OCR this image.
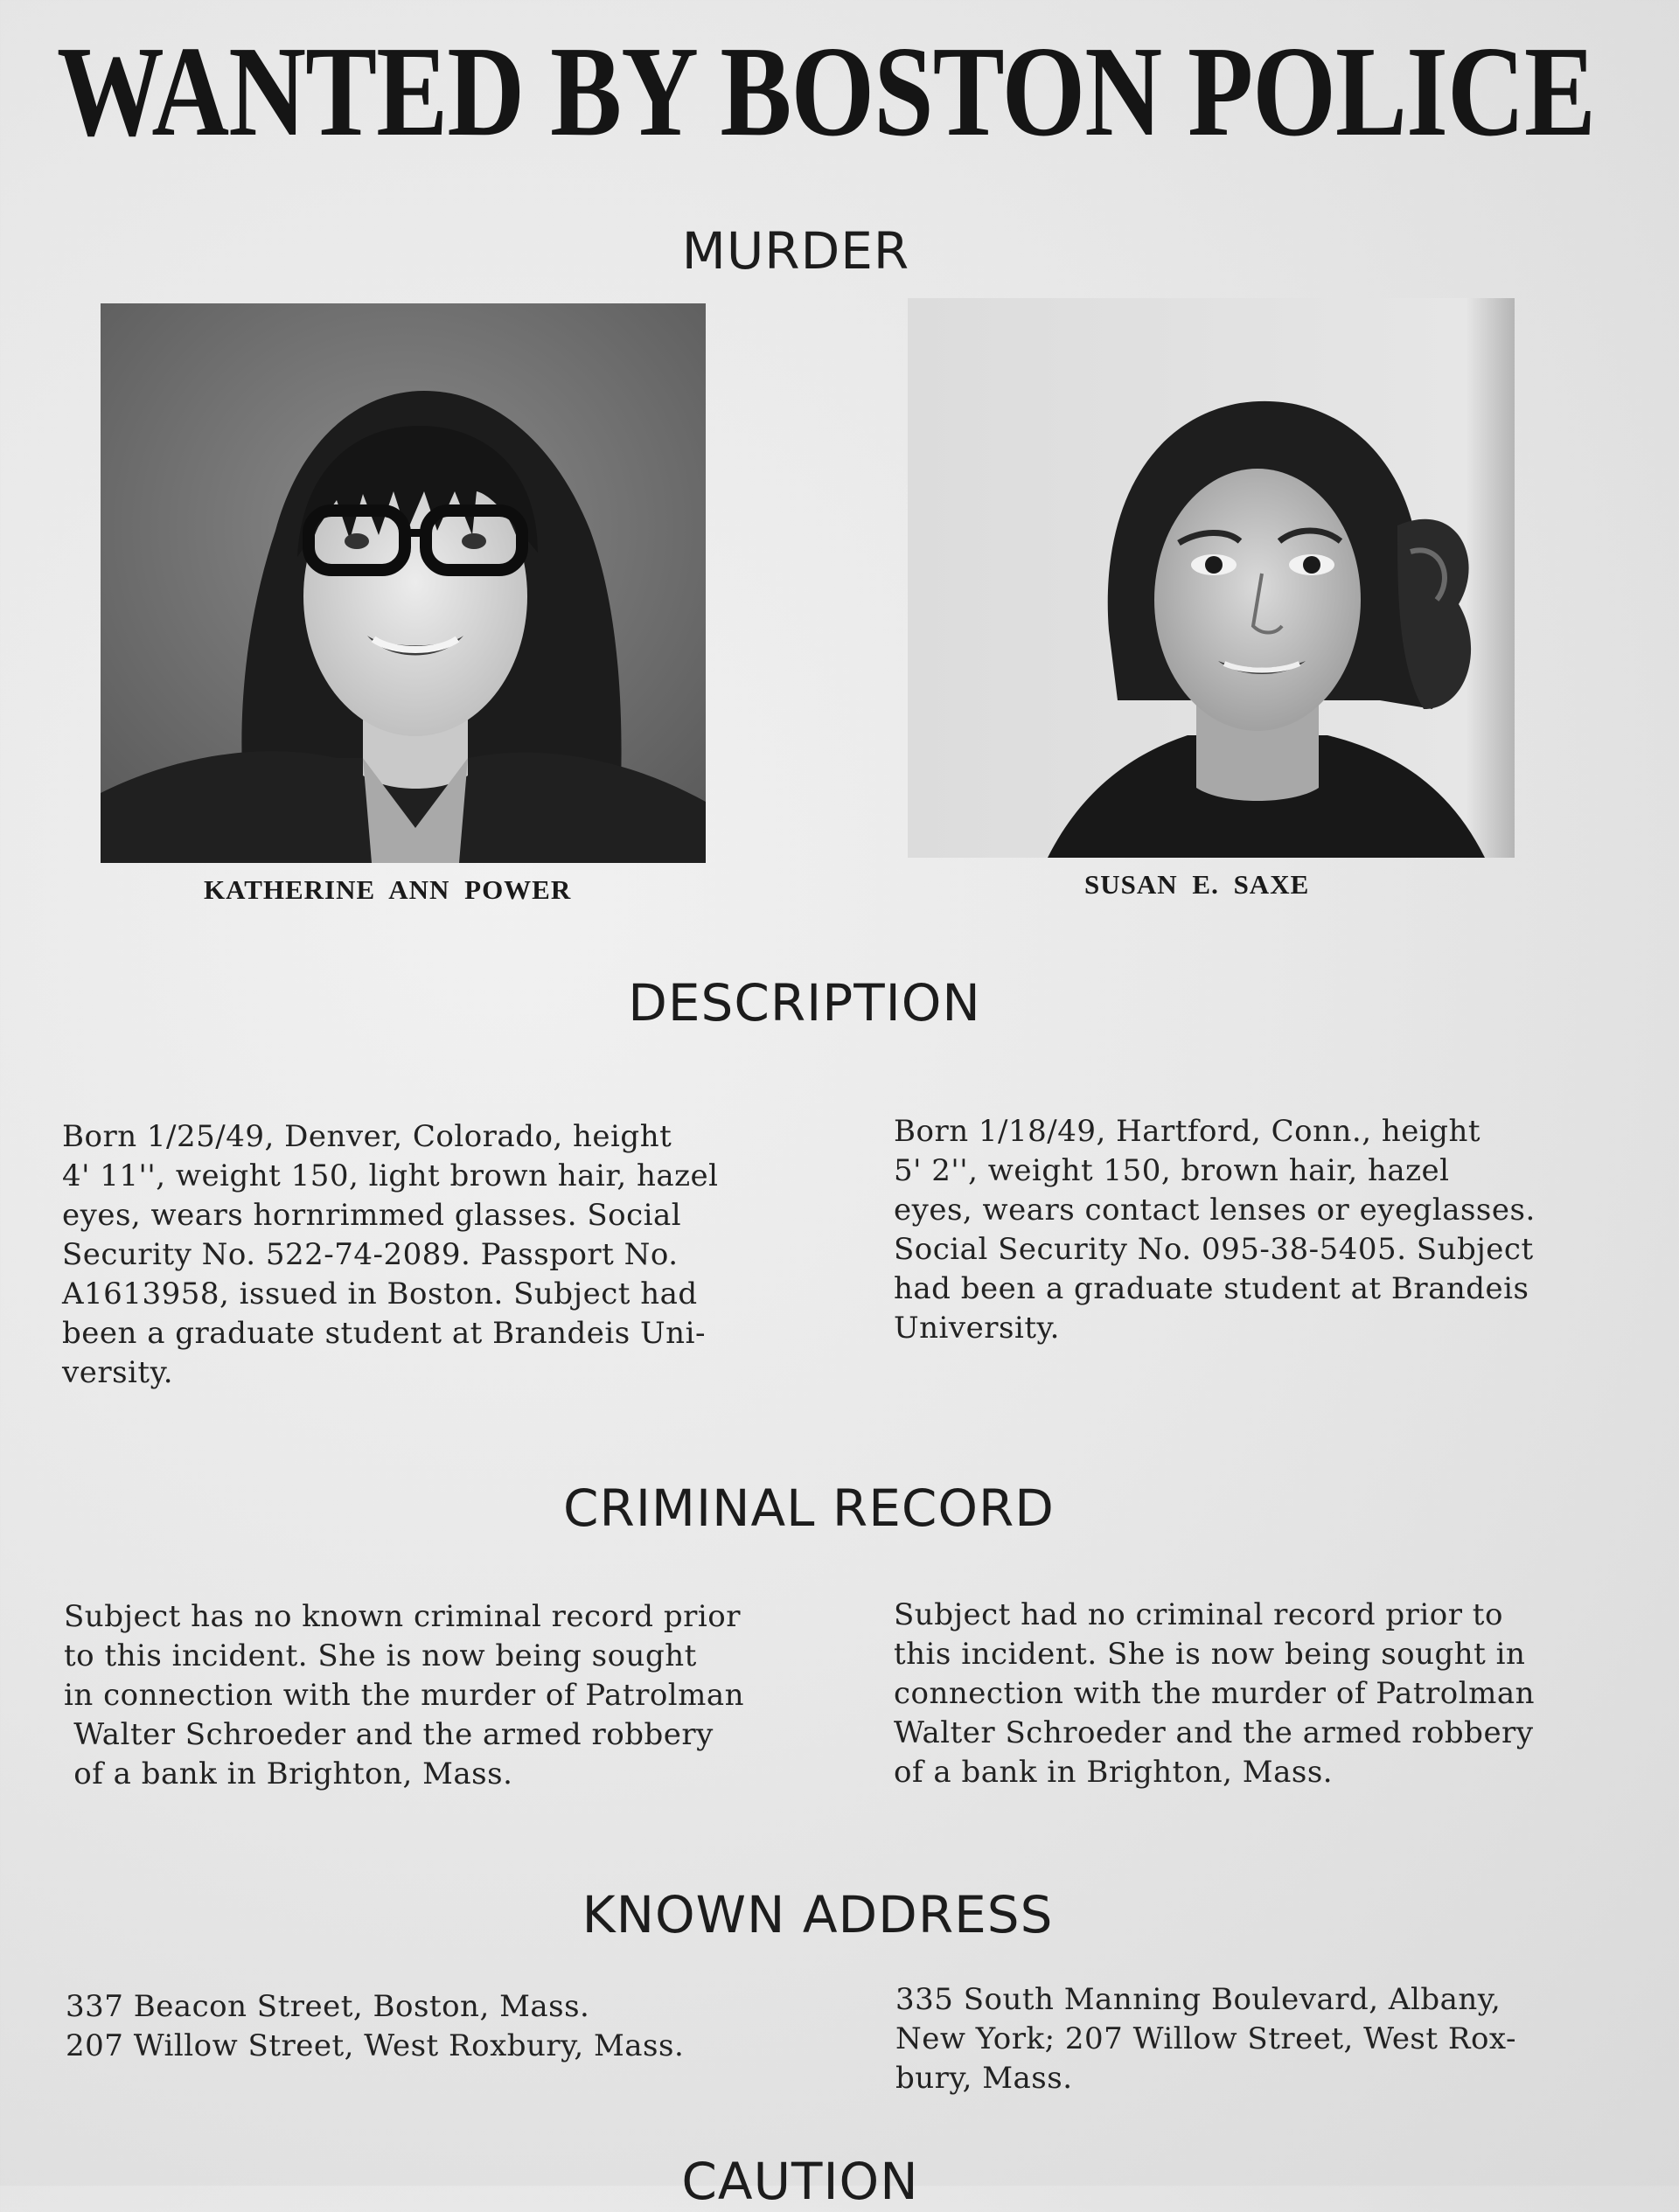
WANTED BY BOSTON POLICE
MURDER
KATHERINE ANN POWER	SUSAN E. SAXE
DESCRIPTION
Born 1/25/49, Denver, Colorado, height
4' 11'', weight 150, light brown hair, hazel
eyes, wears hornrimmed glasses. Social
Security No. 522-74-2089. Passport No.
A1613958, issued in Boston. Subject had
been a graduate student at Brandeis Uni-
versity.
Born 1/18/49, Hartford, Conn., height
5' 2'', weight 150, brown hair, hazel
eyes, wears contact lenses or eyeglasses.
Social Security No. 095-38-5405. Subject
had been a graduate student at Brandeis
University.
CRIMINAL RECORD
Subject has no known criminal record prior
to this incident. She is now being sought
in connection with the murder of Patrolman
Walter Schroeder and the armed robbery
of a bank in Brighton, Mass.
Subject had no criminal record prior to
this incident. She is now being sought in
connection with the murder of Patrolman
Walter Schroeder and the armed robbery
of a bank in Brighton, Mass.
KNOWN ADDRESS
337 Beacon Street, Boston, Mass.
207 Willow Street, West Roxbury, Mass.
335 South Manning Boulevard, Albany,
New York; 207 Willow Street, West Rox-
bury, Mass.
CAUTION
